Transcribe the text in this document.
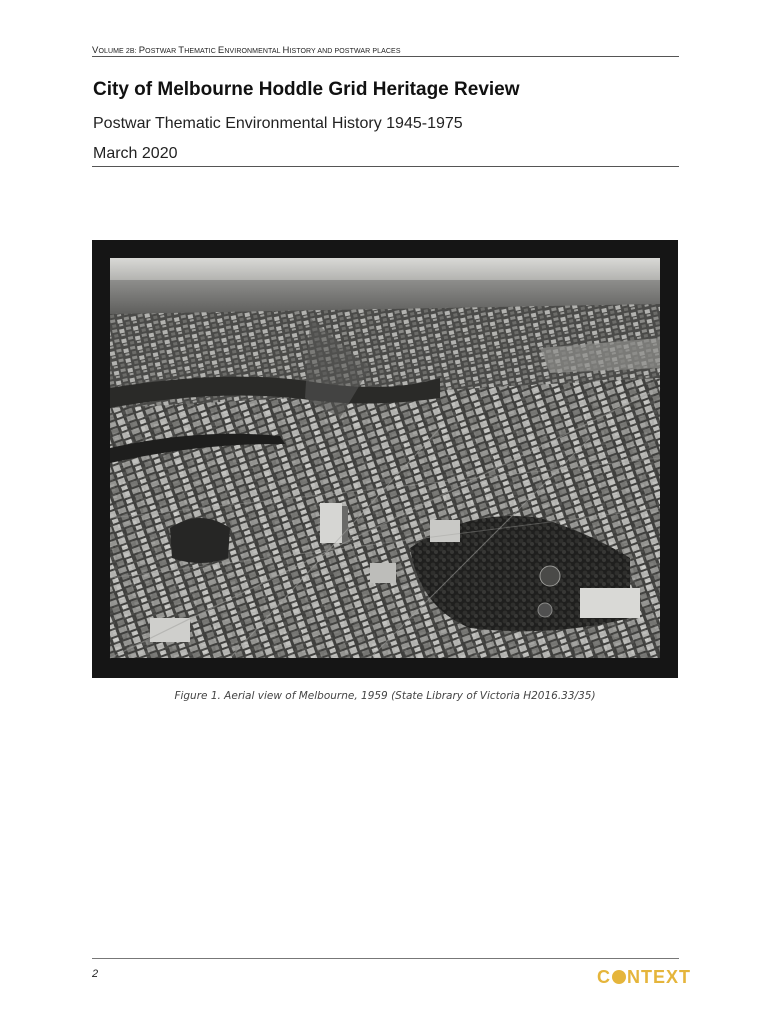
VOLUME 2B: POSTWAR THEMATIC ENVIRONMENTAL HISTORY AND POSTWAR PLACES
City of Melbourne Hoddle Grid Heritage Review
Postwar Thematic Environmental History 1945-1975
March 2020
Figure 1. Aerial view of Melbourne, 1959 (State Library of Victoria H2016.33/35)
2	C NTEXT
